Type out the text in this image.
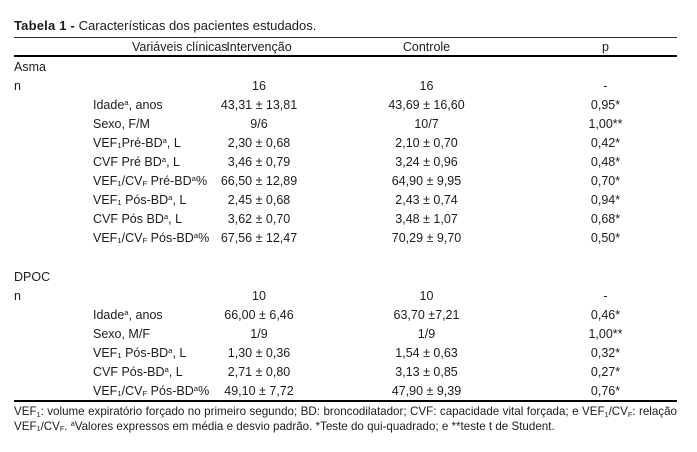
Tabela 1 - Características dos pacientes estudados.
Variáveis clínicas	Intervenção	Controle	p
Asma			
n	16	16	-
Idade$^a$, anos	43,31 ± 13,81	43,69 ± 16,60	0,95*
Sexo, F/M	9/6	10/7	1,00**
$VEF_1Pré-BD^a$, L	2,30 ± 0,68	2,10 ± 0,70	0,42*
CVF Pré $BD^a$, L	3,46 ± 0,79	3,24 ± 0,96	0,48*
$VEF_1/CV_F$ Pré-$BD^a\%$	66,50 ± 12,89	64,90 ± 9,95	0,70*
$VEF_1$ Pós-$BD^a$, L	2,45 ± 0,68	2,43 ± 0,74	0,94*
CVF Pós $BD^a$, L	3,62 ± 0,70	3,48 ± 1,07	0,68*
$VEF_1/CV_F$ Pós-$BD^a\%$	67,56 ± 12,47	70,29 ± 9,70	0,50*

DPOC			
n	10	10	-
Idade$^a$, anos	66,00 ± 6,46	63,70 ±7,21	0,46*
Sexo, M/F	1/9	1/9	1,00**
$VEF_1$ Pós-$BD^a$, L	1,30 ± 0,36	1,54 ± 0,63	0,32*
CVF Pós-$BD^a$, L	2,71 ± 0,80	3,13 ± 0,85	0,27*
$VEF_1/CV_F$ Pós-$BD^a\%$	49,10 ± 7,72	47,90 ± 9,39	0,76*
$VEF_1$: volume expiratório forçado no primeiro segundo; BD: broncodilatador; CVF: capacidade vital forçada; e $VEF_1/CV_F$: relação $VEF_1/CV_F$. $^a$Valores expressos em média e desvio padrão. *Teste do qui-quadrado; e **teste t de Student.
